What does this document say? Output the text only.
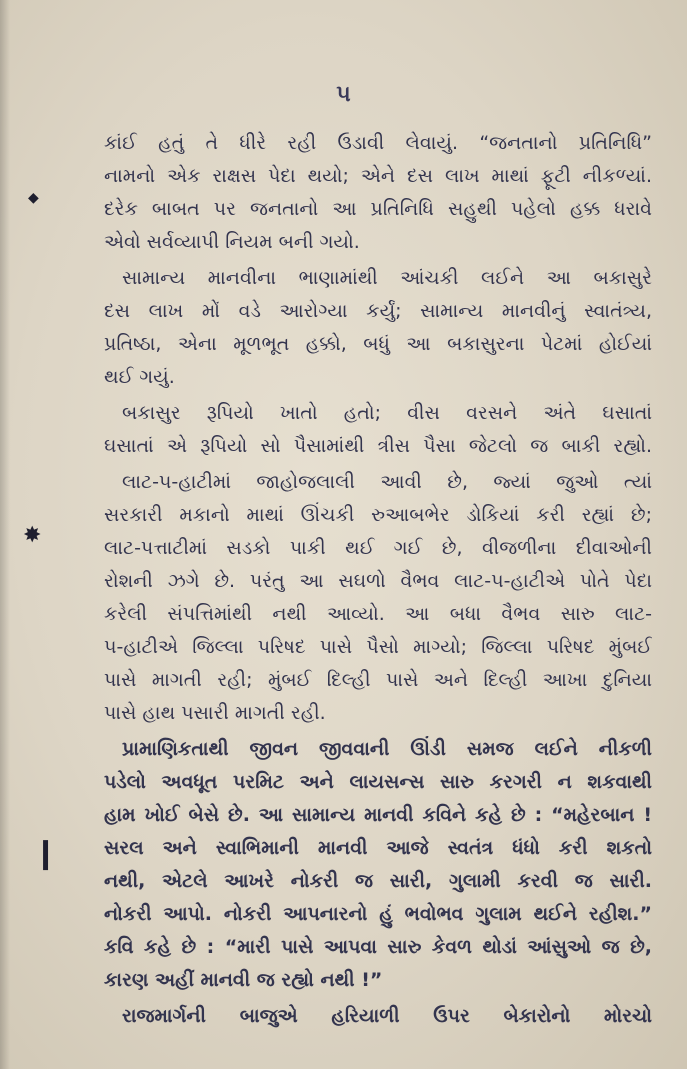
૫
◆
✸
❙
કાંઈ હતું તે ધીરે રહી ઉડાવી લેવાયું. “જનતાનો પ્રતિનિધિ”
નામનો એક રાક્ષસ પેદા થયો; એને દસ લાખ માથાં ફૂટી નીકળ્યાં.
દરેક બાબત પર જનતાનો આ પ્રતિનિધિ સહુથી પહેલો હક્ક ધરાવે
એવો સર્વવ્યાપી નિયમ બની ગયો.
સામાન્ય માનવીના ભાણામાંથી આંચકી લઈને આ બકાસુરે
દસ લાખ મોં વડે આરોગ્યા કર્યું; સામાન્ય માનવીનું સ્વાતંત્ર્ય,
પ્રતિષ્ઠા, એના મૂળભૂત હક્કો, બધું આ બકાસુરના પેટમાં હોઈયાં
થઈ ગયું.
બકાસુર રૂપિયો ખાતો હતો; વીસ વરસને અંતે ઘસાતાં
ઘસાતાં એ રૂપિયો સો પૈસામાંથી ત્રીસ પૈસા જેટલો જ બાકી રહ્યો.
લાટ-૫-હાટીમાં જાહોજલાલી આવી છે, જ્યાં જુઓ ત્યાં
સરકારી મકાનો માથાં ઊંચકી રુઆબભેર ડોકિયાં કરી રહ્યાં છે;
લાટ-પત્તાટીમાં સડકો પાકી થઈ ગઈ છે, વીજળીના દીવાઓની
રોશની ઝગે છે. પરંતુ આ સઘળો વૈભવ લાટ-૫-હાટીએ પોતે પેદા
કરેલી સંપત્તિમાંથી નથી આવ્યો. આ બધા વૈભવ સારુ લાટ-
૫-હાટીએ જિલ્લા પરિષદ પાસે પૈસો માગ્યો; જિલ્લા પરિષદ મુંબઈ
પાસે માગતી રહી; મુંબઈ દિલ્હી પાસે અને દિલ્હી આખા દુનિયા
પાસે હાથ પસારી માગતી રહી.
પ્રામાણિકતાથી જીવન જીવવાની ઊંડી સમજ લઈને નીકળી
પડેલો અવધૂત પરમિટ અને લાયસન્સ સારુ કરગરી ન શકવાથી
હામ ખોઈ બેસે છે. આ સામાન્ય માનવી કવિને કહે છે : “મહેરબાન !
સરલ અને સ્વાભિમાની માનવી આજે સ્વતંત્ર ધંધો કરી શકતો
નથી, એટલે આખરે નોકરી જ સારી, ગુલામી કરવી જ સારી.
નોકરી આપો. નોકરી આપનારનો હું ભવોભવ ગુલામ થઈને રહીશ.”
કવિ કહે છે : “મારી પાસે આપવા સારુ કેવળ થોડાં આંસુઓ જ છે,
કારણ અહીં માનવી જ રહ્યો નથી !”
રાજમાર્ગની બાજુએ હરિયાળી ઉપર બેકારોનો મોરચો
